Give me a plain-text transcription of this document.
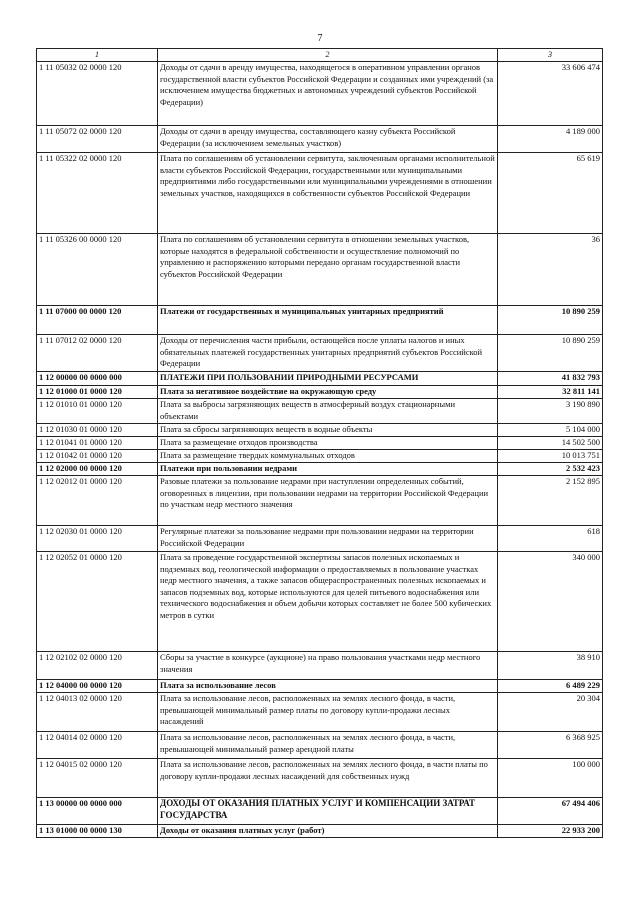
7
1	2	3
1 11 05032 02 0000 120	Доходы от сдачи в аренду имущества, находящегося в оперативном управлении органов государственной власти субъектов Российской Федерации и созданных ими учреждений (за исключением имущества бюджетных и автономных учреждений субъектов Российской Федерации)	33 606 474
1 11 05072 02 0000 120	Доходы от сдачи в аренду имущества, составляющего казну субъекта Российской Федерации (за исключением земельных участков)	4 189 000
1 11 05322 02 0000 120	Плата по соглашениям об установлении сервитута, заключенным органами исполнительной власти субъектов Российской Федерации, государственными или муниципальными предприятиями либо государственными или муниципальными учреждениями в отношении земельных участков, находящихся в собственности субъектов Российской Федерации	65 619
1 11 05326 00 0000 120	Плата по соглашениям об установлении сервитута в отношении земельных участков, которые находятся в федеральной собственности и осуществление полномочий по управлению и распоряжению которыми передано органам государственной власти субъектов Российской Федерации	36
1 11 07000 00 0000 120	Платежи от государственных и муниципальных унитарных предприятий	10 890 259
1 11 07012 02 0000 120	Доходы от перечисления части прибыли, остающейся после уплаты налогов и иных обязательных платежей государственных унитарных предприятий субъектов Российской Федерации	10 890 259
1 12 00000 00 0000 000	ПЛАТЕЖИ ПРИ ПОЛЬЗОВАНИИ ПРИРОДНЫМИ РЕСУРСАМИ	41 832 793
1 12 01000 01 0000 120	Плата за негативное воздействие на окружающую среду	32 811 141
1 12 01010 01 0000 120	Плата за выбросы загрязняющих веществ в атмосферный воздух стационарными объектами	3 190 890
1 12 01030 01 0000 120	Плата за сбросы загрязняющих веществ в водные объекты	5 104 000
1 12 01041 01 0000 120	Плата за размещение отходов производства	14 502 500
1 12 01042 01 0000 120	Плата за размещение твердых коммунальных отходов	10 013 751
1 12 02000 00 0000 120	Платежи при пользовании недрами	2 532 423
1 12 02012 01 0000 120	Разовые платежи за пользование недрами при наступлении определенных событий, оговоренных в лицензии, при пользовании недрами на территории Российской Федерации по участкам недр местного значения	2 152 895
1 12 02030 01 0000 120	Регулярные платежи за пользование недрами при пользовании недрами на территории Российской Федерации	618
1 12 02052 01 0000 120	Плата за проведение государственной экспертизы запасов полезных ископаемых и подземных вод, геологической информации о предоставляемых в пользование участках недр местного значения, а также запасов общераспространенных полезных ископаемых и запасов подземных вод, которые используются для целей питьевого водоснабжения или технического водоснабжения и объем добычи которых составляет не более 500 кубических метров в сутки	340 000
1 12 02102 02 0000 120	Сборы за участие в конкурсе (аукционе) на право пользования участками недр местного значения	38 910
1 12 04000 00 0000 120	Плата за использование лесов	6 489 229
1 12 04013 02 0000 120	Плата за использование лесов, расположенных на землях лесного фонда, в части, превышающей минимальный размер платы по договору купли-продажи лесных насаждений	20 304
1 12 04014 02 0000 120	Плата за использование лесов, расположенных на землях лесного фонда, в части, превышающей минимальный размер арендной платы	6 368 925
1 12 04015 02 0000 120	Плата за использование лесов, расположенных на землях лесного фонда, в части платы по договору купли-продажи лесных насаждений для собственных нужд	100 000
1 13 00000 00 0000 000	ДОХОДЫ ОТ ОКАЗАНИЯ ПЛАТНЫХ УСЛУГ И КОМПЕНСАЦИИ ЗАТРАТ ГОСУДАРСТВА	67 494 406
1 13 01000 00 0000 130	Доходы от оказания платных услуг (работ)	22 933 200
